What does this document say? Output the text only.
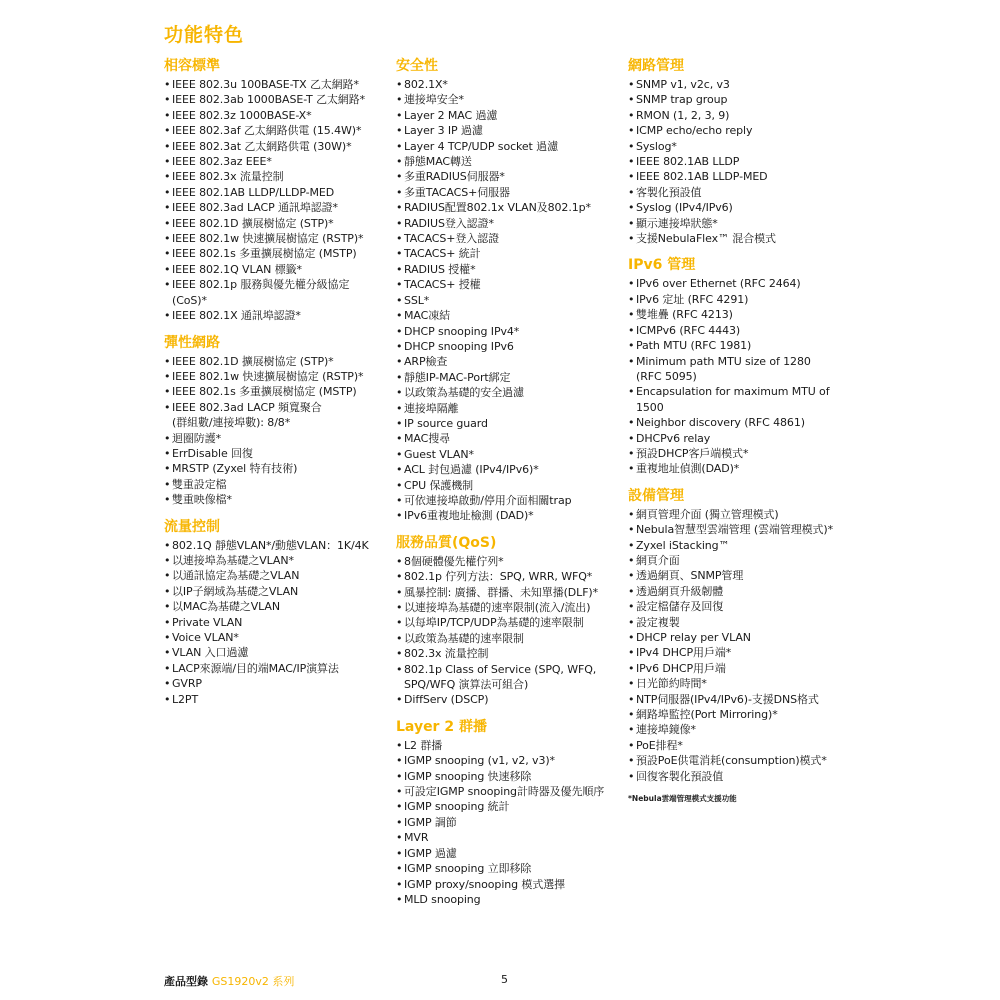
功能特色
相容標準
• IEEE 802.3u 100BASE-TX 乙太網路*
• IEEE 802.3ab 1000BASE-T 乙太網路*
• IEEE 802.3z 1000BASE-X*
• IEEE 802.3af 乙太網路供電 (15.4W)*
• IEEE 802.3at 乙太網路供電 (30W)*
• IEEE 802.3az EEE*
• IEEE 802.3x 流量控制
• IEEE 802.1AB LLDP/LLDP-MED
• IEEE 802.3ad LACP 通訊埠認證*
• IEEE 802.1D 擴展樹協定 (STP)*
• IEEE 802.1w 快速擴展樹協定 (RSTP)*
• IEEE 802.1s 多重擴展樹協定 (MSTP)
• IEEE 802.1Q VLAN 標籤*
• IEEE 802.1p 服務與優先權分級協定
(CoS)*
• IEEE 802.1X 通訊埠認證*
彈性網路
• IEEE 802.1D 擴展樹協定 (STP)*
• IEEE 802.1w 快速擴展樹協定 (RSTP)*
• IEEE 802.1s 多重擴展樹協定 (MSTP)
• IEEE 802.3ad LACP 頻寬聚合
(群組數/連接埠數): 8/8*
• 迴圈防護*
• ErrDisable 回復
• MRSTP (Zyxel 特有技術)
• 雙重設定檔
• 雙重映像檔*
流量控制
• 802.1Q 靜態VLAN*/動態VLAN：1K/4K
• 以連接埠為基礎之VLAN*
• 以通訊協定為基礎之VLAN
• 以IP子網域為基礎之VLAN
• 以MAC為基礎之VLAN
• Private VLAN
• Voice VLAN*
• VLAN 入口過濾
• LACP來源端/目的端MAC/IP演算法
• GVRP
• L2PT
安全性
• 802.1X*
• 連接埠安全*
• Layer 2 MAC 過濾
• Layer 3 IP 過濾
• Layer 4 TCP/UDP socket 過濾
• 靜態MAC轉送
• 多重RADIUS伺服器*
• 多重TACACS+伺服器
• RADIUS配置802.1x VLAN及802.1p*
• RADIUS登入認證*
• TACACS+登入認證
• TACACS+ 統計
• RADIUS 授權*
• TACACS+ 授權
• SSL*
• MAC凍結
• DHCP snooping IPv4*
• DHCP snooping IPv6
• ARP檢查
• 靜態IP-MAC-Port綁定
• 以政策為基礎的安全過濾
• 連接埠隔離
• IP source guard
• MAC搜尋
• Guest VLAN*
• ACL 封包過濾 (IPv4/IPv6)*
• CPU 保護機制
• 可依連接埠啟動/停用介面相關trap
• IPv6重複地址檢測 (DAD)*
服務品質(QoS)
• 8個硬體優先權佇列*
• 802.1p 佇列方法：SPQ, WRR, WFQ*
• 風暴控制: 廣播、群播、未知單播(DLF)*
• 以連接埠為基礎的速率限制(流入/流出)
• 以每埠IP/TCP/UDP為基礎的速率限制
• 以政策為基礎的速率限制
• 802.3x 流量控制
• 802.1p Class of Service (SPQ, WFQ,
SPQ/WFQ 演算法可組合)
• DiffServ (DSCP)
Layer 2 群播
• L2 群播
• IGMP snooping (v1, v2, v3)*
• IGMP snooping 快速移除
• 可設定IGMP snooping計時器及優先順序
• IGMP snooping 統計
• IGMP 調節
• MVR
• IGMP 過濾
• IGMP snooping 立即移除
• IGMP proxy/snooping 模式選擇
• MLD snooping
網路管理
• SNMP v1, v2c, v3
• SNMP trap group
• RMON (1, 2, 3, 9)
• ICMP echo/echo reply
• Syslog*
• IEEE 802.1AB LLDP
• IEEE 802.1AB LLDP-MED
• 客製化預設值
• Syslog (IPv4/IPv6)
• 顯示連接埠狀態*
• 支援NebulaFlex™ 混合模式
IPv6 管理
• IPv6 over Ethernet (RFC 2464)
• IPv6 定址 (RFC 4291)
• 雙堆疊 (RFC 4213)
• ICMPv6 (RFC 4443)
• Path MTU (RFC 1981)
• Minimum path MTU size of 1280
(RFC 5095)
• Encapsulation for maximum MTU of
1500
• Neighbor discovery (RFC 4861)
• DHCPv6 relay
• 預設DHCP客戶端模式*
• 重複地址偵測(DAD)*
設備管理
• 網頁管理介面 (獨立管理模式)
• Nebula智慧型雲端管理 (雲端管理模式)*
• Zyxel iStacking™
• 網頁介面
• 透過網頁、SNMP管理
• 透過網頁升級韌體
• 設定檔儲存及回復
• 設定複製
• DHCP relay per VLAN
• IPv4 DHCP用戶端*
• IPv6 DHCP用戶端
• 日光節約時間*
• NTP伺服器(IPv4/IPv6)-支援DNS格式
• 網路埠監控(Port Mirroring)*
• 連接埠鏡像*
• PoE排程*
• 預設PoE供電消耗(consumption)模式*
• 回復客製化預設值
*Nebula雲端管理模式支援功能
產品型錄 GS1920v2 系列	5
